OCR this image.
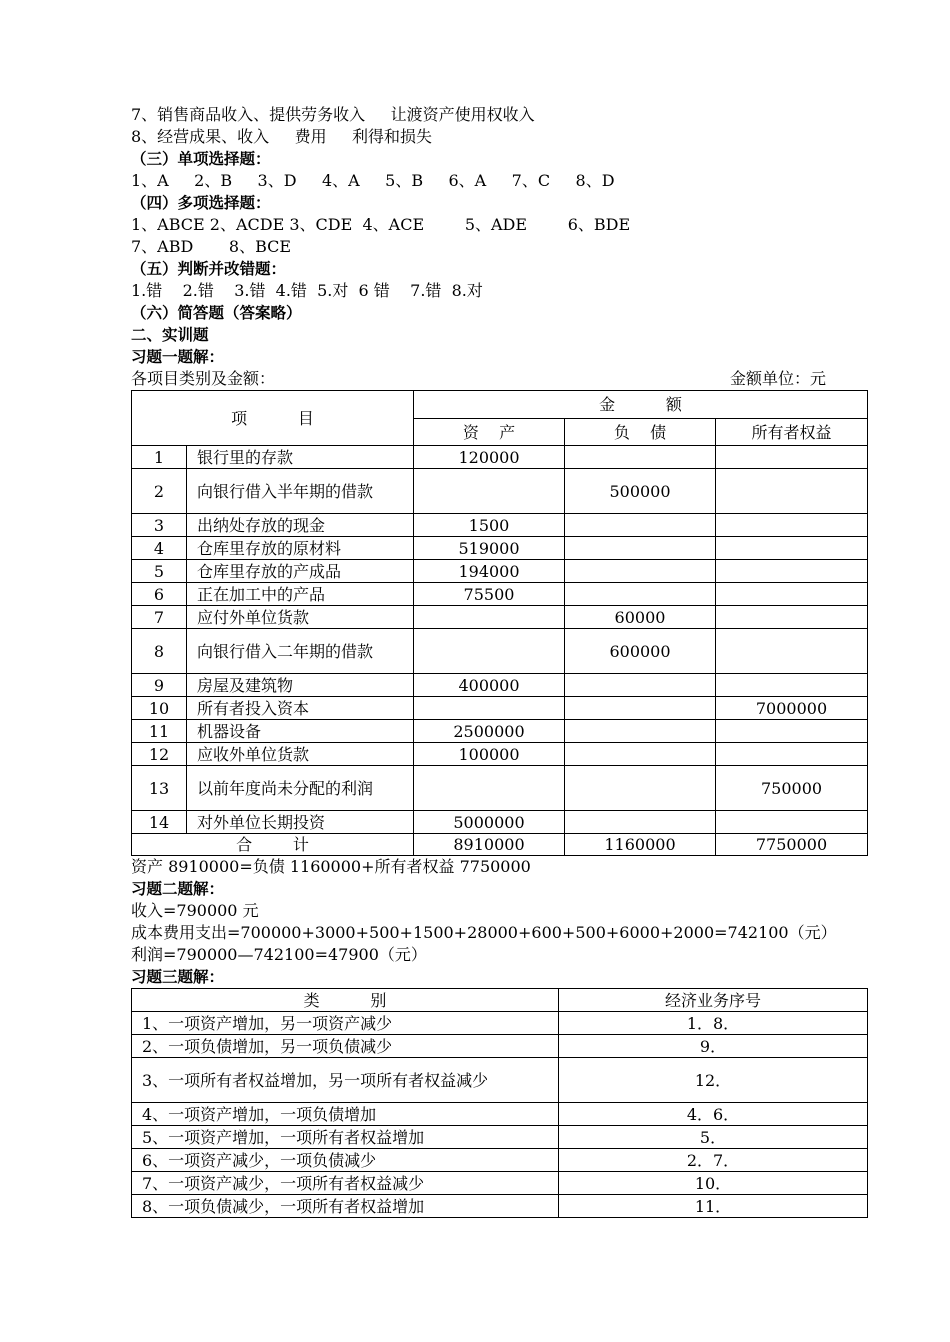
7、销售商品收入、提供劳务收入     让渡资产使用权收入
8、经营成果、收入     费用     利得和损失
（三）单项选择题：
1、A     2、B     3、D     4、A     5、B     6、A     7、C     8、D
（四）多项选择题：
1、ABCE 2、ACDE 3、CDE  4、ACE        5、ADE        6、BDE
7、ABD       8、BCE
（五）判断并改错题：
1.错    2.错    3.错  4.错  5.对  6 错    7.错  8.对
（六）简答题（答案略）
二、实训题
习题一题解：
各项目类别及金额：	金额单位：元
项          目		金          额		
		资    产	负    债	所有者权益
1	银行里的存款	120000		
2	向银行借入半年期的借款		500000	
3	出纳处存放的现金	1500		
4	仓库里存放的原材料	519000		
5	仓库里存放的产成品	194000		
6	正在加工中的产品	75500		
7	应付外单位货款		60000	
8	向银行借入二年期的借款		600000	
9	房屋及建筑物	400000		
10	所有者投入资本			7000000
11	机器设备	2500000		
12	应收外单位货款	100000		
13	以前年度尚未分配的利润			750000
14	对外单位长期投资	5000000		
合        计		8910000	1160000	7750000
资产 8910000=负债 1160000+所有者权益 7750000
习题二题解：
收入=790000 元
成本费用支出=700000+3000+500+1500+28000+600+500+6000+2000=742100（元）
利润=790000—742100=47900（元）
习题三题解：
类          别	经济业务序号
1、一项资产增加，另一项资产减少	1．8．
2、一项负债增加，另一项负债减少	9．
3、一项所有者权益增加，另一项所有者权益减少	12．
4、一项资产增加，一项负债增加	4．6．
5、一项资产增加，一项所有者权益增加	5．
6、一项资产减少，一项负债减少	2．7．
7、一项资产减少，一项所有者权益减少	10．
8、一项负债减少，一项所有者权益增加	11．
